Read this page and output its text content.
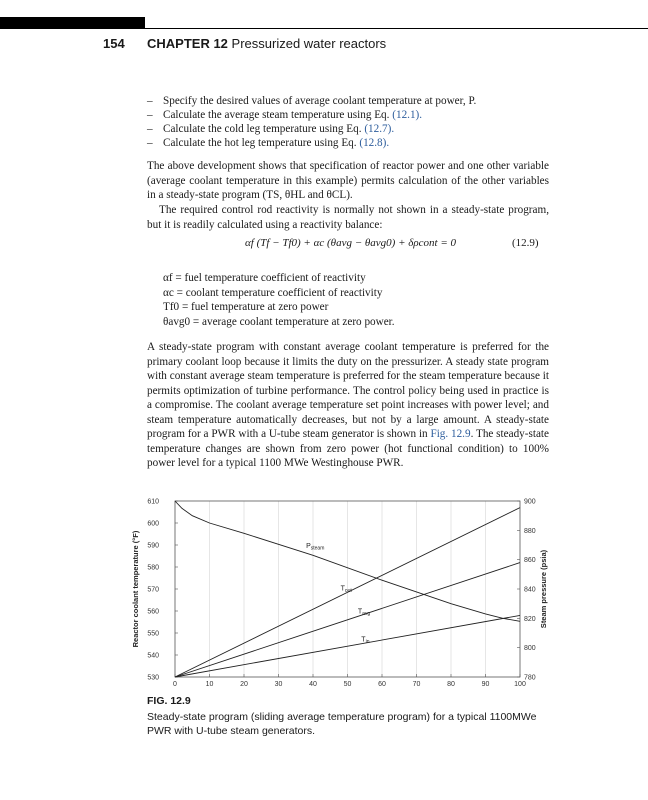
154 CHAPTER 12 Pressurized water reactors
– Specify the desired values of average coolant temperature at power, P.
– Calculate the average steam temperature using Eq. (12.1).
– Calculate the cold leg temperature using Eq. (12.7).
– Calculate the hot leg temperature using Eq. (12.8).

The above development shows that specification of reactor power and one other variable (average coolant temperature in this example) permits calculation of the other variables in a steady-state program (TS, θHL and θCL).

The required control rod reactivity is normally not shown in a steady-state program, but it is readily calculated using a reactivity balance:

αf (Tf − Tf0) + αc (θavg − θavg0) + δρcont = 0	(12.9)
αf = fuel temperature coefficient of reactivity
αc = coolant temperature coefficient of reactivity
Tf0 = fuel temperature at zero power
θavg0 = average coolant temperature at zero power.

A steady-state program with constant average coolant temperature is preferred for the primary coolant loop because it limits the duty on the pressurizer. A steady state program with constant average steam temperature is preferred for the steam temperature because it permits optimization of turbine performance. The control policy being used in practice is a compromise. The coolant average temperature set point increases with power level; and steam temperature automatically decreases, but not by a large amount. A steady-state program for a PWR with a U-tube steam generator is shown in Fig. 12.9. The steady-state temperature changes are shown from zero power (hot functional condition) to 100% power level for a typical 1100 MWe Westinghouse PWR.

0	10	20	30	40	50	60	70	80	90	100
530
540
550
560
570
580
590
600
610
780
800
820
840
860
880
900
$P_{steam}$
$T_{out}$
$T_{avg}$
$T_{in}$
Reactor coolant temperature (°F)	Steam pressure (psia)
FIG. 12.9
Steady-state program (sliding average temperature program) for a typical 1100MWe PWR with U-tube steam generators.
